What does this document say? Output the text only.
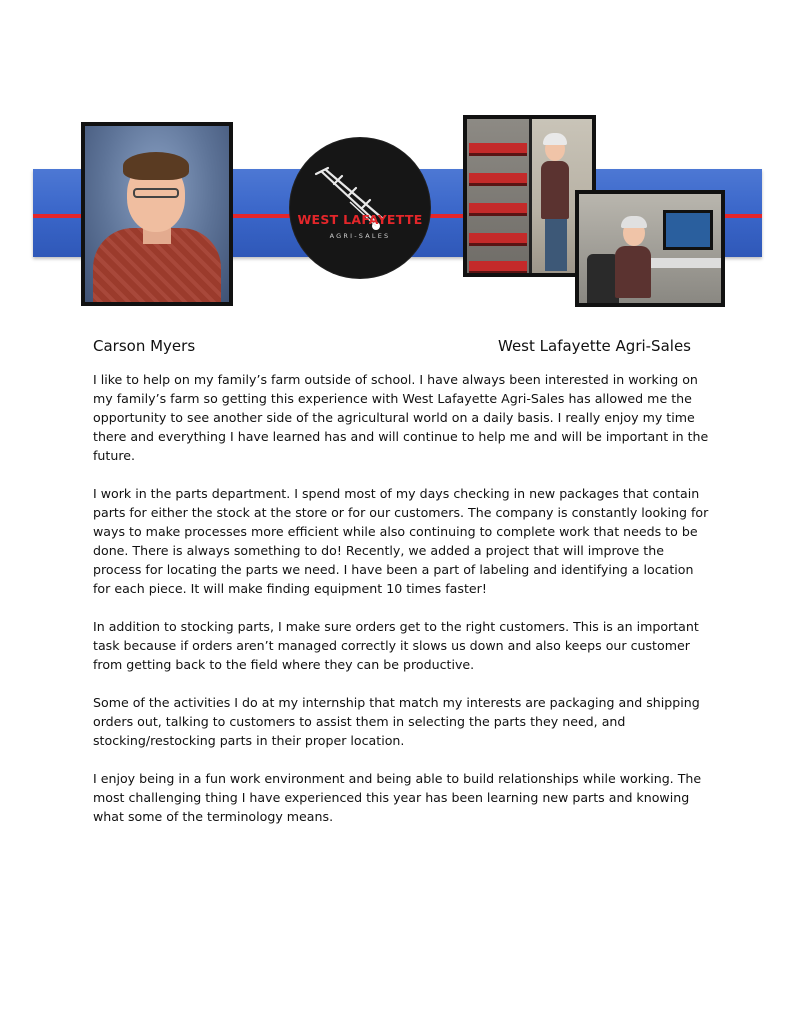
WEST LAFAYETTE
AGRI-SALES
Carson Myers	West Lafayette Agri-Sales

I like to help on my family’s farm outside of school. I have always been interested in working on my family’s farm so getting this experience with West Lafayette Agri-Sales has allowed me the opportunity to see another side of the agricultural world on a daily basis. I really enjoy my time there and everything I have learned has and will continue to help me and will be important in the future.

I work in the parts department. I spend most of my days checking in new packages that contain parts for either the stock at the store or for our customers. The company is constantly looking for ways to make processes more efficient while also continuing to complete work that needs to be done. There is always something to do! Recently, we added a project that will improve the process for locating the parts we need. I have been a part of labeling and identifying a location for each piece. It will make finding equipment 10 times faster!

In addition to stocking parts, I make sure orders get to the right customers. This is an important task because if orders aren’t managed correctly it slows us down and also keeps our customer from getting back to the field where they can be productive.

Some of the activities I do at my internship that match my interests are packaging and shipping orders out, talking to customers to assist them in selecting the parts they need, and stocking/restocking parts in their proper location.

I enjoy being in a fun work environment and being able to build relationships while working. The most challenging thing I have experienced this year has been learning new parts and knowing what some of the terminology means.
